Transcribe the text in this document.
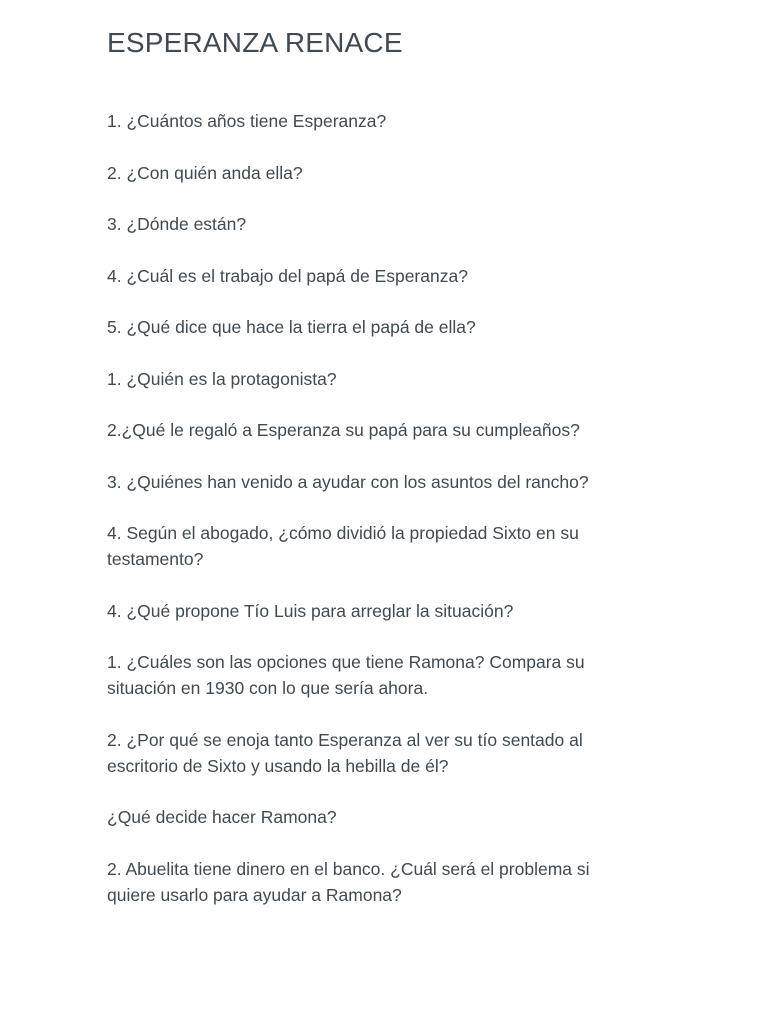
ESPERANZA RENACE
1. ¿Cuántos años tiene Esperanza?
2. ¿Con quién anda ella?
3. ¿Dónde están?
4. ¿Cuál es el trabajo del papá de Esperanza?
5. ¿Qué dice que hace la tierra el papá de ella?
1. ¿Quién es la protagonista?
2.¿Qué le regaló a Esperanza su papá para su cumpleaños?
3. ¿Quiénes han venido a ayudar con los asuntos del rancho?
4. Según el abogado, ¿cómo dividió la propiedad Sixto en su testamento?
4. ¿Qué propone Tío Luis para arreglar la situación?
1. ¿Cuáles son las opciones que tiene Ramona? Compara su situación en 1930 con lo que sería ahora.
2. ¿Por qué se enoja tanto Esperanza al ver su tío sentado al escritorio de Sixto y usando la hebilla de él?
¿Qué decide hacer Ramona?
2. Abuelita tiene dinero en el banco. ¿Cuál será el problema si quiere usarlo para ayudar a Ramona?
